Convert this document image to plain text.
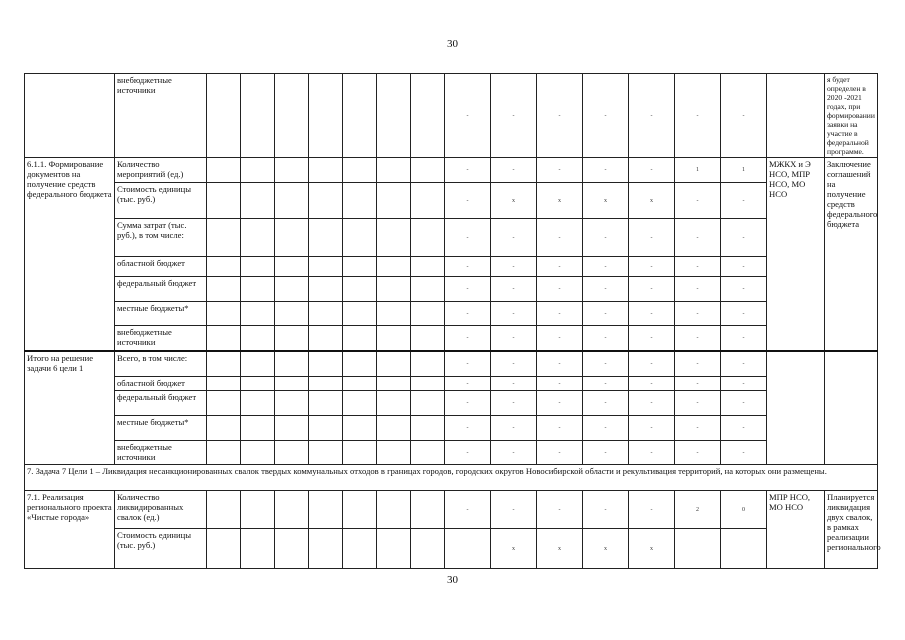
30
	внебюджетные источники								-	-	-	-	-	-	-		я будет определен в 2020 -2021 годах, при формировании заявки на участие в федеральной программе.
6.1.1. Формирование документов на получение средств федерального бюджета	Количество мероприятий (ед.)								-	-	-	-	-	1	1	МЖКХ и Э НСО, МПР НСО, МО НСО	Заключение соглашений на получение средств федерального бюджета
	Стоимость единицы (тыс. руб.)								-	x	x	x	x	-	-		
	Сумма затрат (тыс. руб.), в том числе:								-	-	-	-	-	-	-		
	областной бюджет								-	-	-	-	-	-	-		
	федеральный бюджет								-	-	-	-	-	-	-		
	местные бюджеты*								-	-	-	-	-	-	-		
	внебюджетные источники								-	-	-	-	-	-	-		
Итого на решение задачи 6 цели 1	Всего, в том числе:								-	-	-	-	-	-	-		
	областной бюджет								-	-	-	-	-	-	-		
	федеральный бюджет								-	-	-	-	-	-	-		
	местные бюджеты*								-	-	-	-	-	-	-		
	внебюджетные источники								-	-	-	-	-	-	-		
7. Задача 7 Цели 1 – Ликвидация несанкционированных свалок твердых коммунальных отходов в границах городов, городских округов Новосибирской области и рекультивация территорий, на которых они размещены.																	
7.1. Реализация регионального проекта «Чистые города»	Количество ликвидированных свалок (ед.)								-	-	-	-	-	2	0	МПР НСО, МО НСО	Планируется ликвидация двух свалок, в рамках реализации регионального
	Стоимость единицы (тыс. руб.)									x	x	x	x				
30
